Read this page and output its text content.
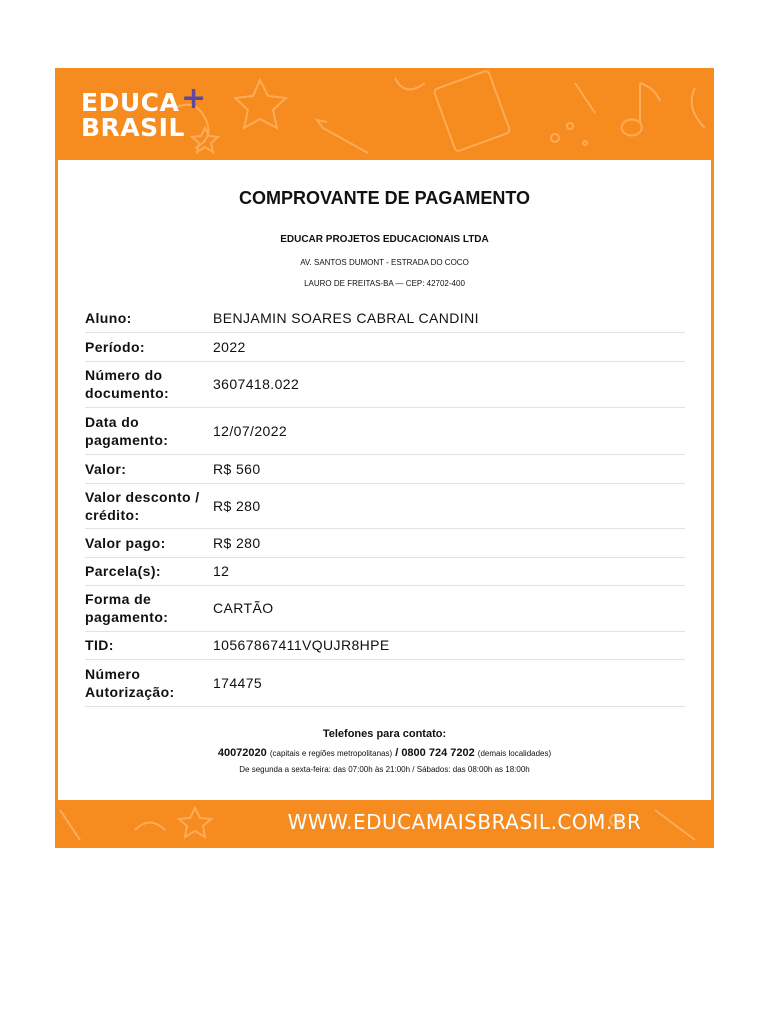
EDUCA +
BRASIL
COMPROVANTE DE PAGAMENTO
EDUCAR PROJETOS EDUCACIONAIS LTDA
AV. SANTOS DUMONT - ESTRADA DO COCO
LAURO DE FREITAS-BA — CEP: 42702-400
Aluno:	BENJAMIN SOARES CABRAL CANDINI
Período:	2022
Número do documento:	3607418.022
Data do pagamento:	12/07/2022
Valor:	R$ 560
Valor desconto / crédito:	R$ 280
Valor pago:	R$ 280
Parcela(s):	12
Forma de pagamento:	CARTÃO
TID:	10567867411VQUJR8HPE
Número Autorização:	174475
Telefones para contato:
40072020 (capitais e regiões metropolitanas) / 0800 724 7202 (demais localidades)
De segunda a sexta-feira: das 07:00h às 21:00h / Sábados: das 08:00h as 18:00h
WWW.EDUCAMAISBRASIL.COM.BR
